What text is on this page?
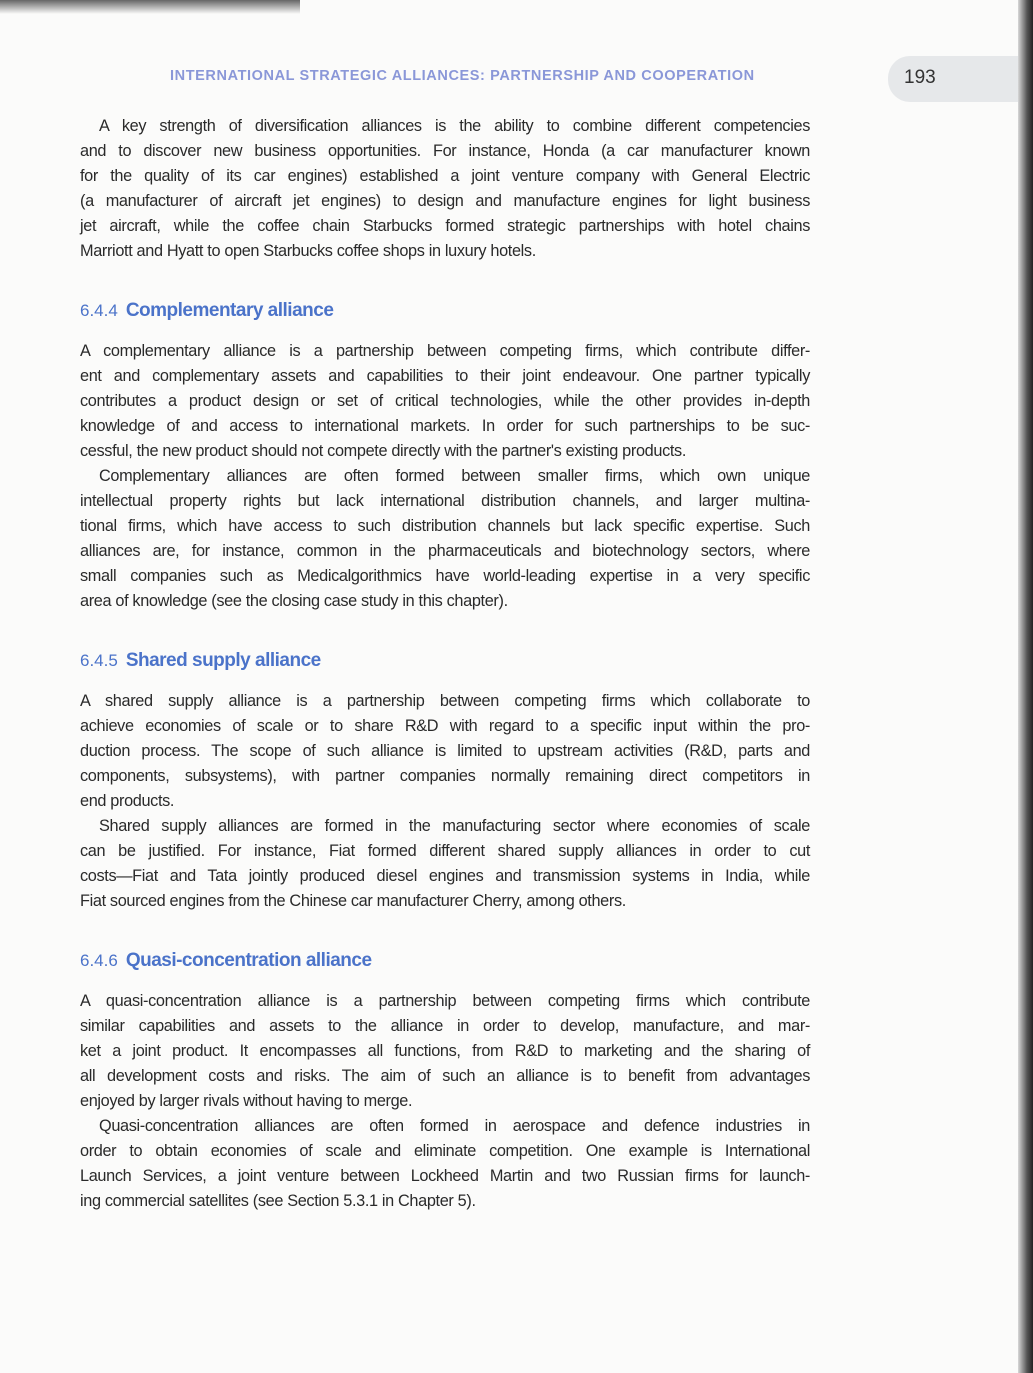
INTERNATIONAL STRATEGIC ALLIANCES: PARTNERSHIP AND COOPERATION	193
A key strength of diversification alliances is the ability to combine different competencies
and to discover new business opportunities. For instance, Honda (a car manufacturer known
for the quality of its car engines) established a joint venture company with General Electric
(a manufacturer of aircraft jet engines) to design and manufacture engines for light business
jet aircraft, while the coffee chain Starbucks formed strategic partnerships with hotel chains
Marriott and Hyatt to open Starbucks coffee shops in luxury hotels.
6.4.4 Complementary alliance
A complementary alliance is a partnership between competing firms, which contribute differ-
ent and complementary assets and capabilities to their joint endeavour. One partner typically
contributes a product design or set of critical technologies, while the other provides in-depth
knowledge of and access to international markets. In order for such partnerships to be suc-
cessful, the new product should not compete directly with the partner's existing products.
Complementary alliances are often formed between smaller firms, which own unique
intellectual property rights but lack international distribution channels, and larger multina-
tional firms, which have access to such distribution channels but lack specific expertise. Such
alliances are, for instance, common in the pharmaceuticals and biotechnology sectors, where
small companies such as Medicalgorithmics have world-leading expertise in a very specific
area of knowledge (see the closing case study in this chapter).
6.4.5 Shared supply alliance
A shared supply alliance is a partnership between competing firms which collaborate to
achieve economies of scale or to share R&D with regard to a specific input within the pro-
duction process. The scope of such alliance is limited to upstream activities (R&D, parts and
components, subsystems), with partner companies normally remaining direct competitors in
end products.
Shared supply alliances are formed in the manufacturing sector where economies of scale
can be justified. For instance, Fiat formed different shared supply alliances in order to cut
costs—Fiat and Tata jointly produced diesel engines and transmission systems in India, while
Fiat sourced engines from the Chinese car manufacturer Cherry, among others.
6.4.6 Quasi-concentration alliance
A quasi-concentration alliance is a partnership between competing firms which contribute
similar capabilities and assets to the alliance in order to develop, manufacture, and mar-
ket a joint product. It encompasses all functions, from R&D to marketing and the sharing of
all development costs and risks. The aim of such an alliance is to benefit from advantages
enjoyed by larger rivals without having to merge.
Quasi-concentration alliances are often formed in aerospace and defence industries in
order to obtain economies of scale and eliminate competition. One example is International
Launch Services, a joint venture between Lockheed Martin and two Russian firms for launch-
ing commercial satellites (see Section 5.3.1 in Chapter 5).
